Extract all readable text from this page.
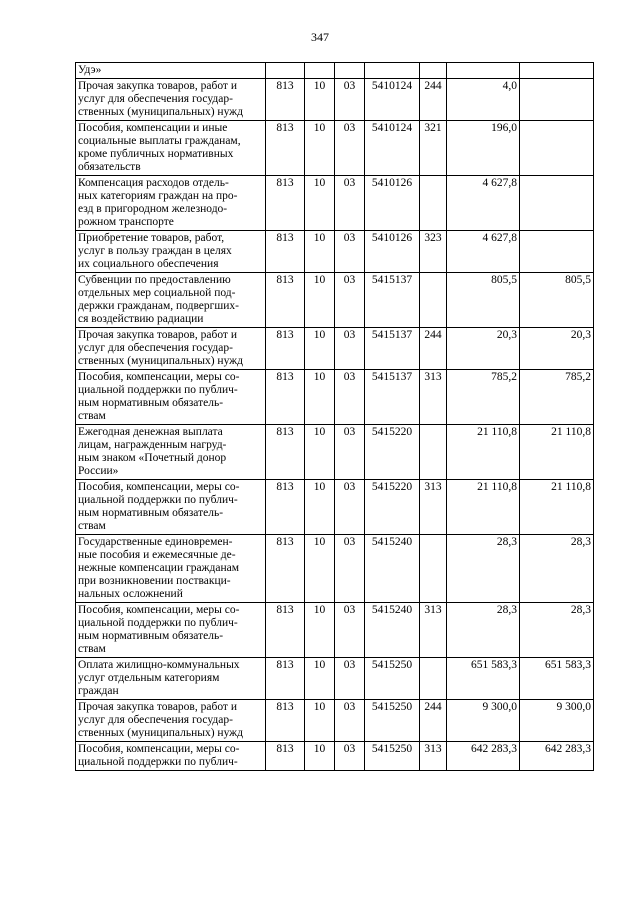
347
Удэ»							

Прочая закупка товаров, работ и
услуг для обеспечения государ-
ственных (муниципальных) нужд	813	10	03	5410124	244	4,0	

Пособия, компенсации и иные
социальные выплаты гражданам,
кроме публичных нормативных
обязательств	813	10	03	5410124	321	196,0	

Компенсация расходов отдель-
ных категориям граждан на про-
езд в пригородном железнодо-
рожном транспорте	813	10	03	5410126		4 627,8	

Приобретение товаров, работ,
услуг в пользу граждан в целях
их социального обеспечения	813	10	03	5410126	323	4 627,8	

Субвенции по предоставлению
отдельных мер социальной под-
держки гражданам, подвергших-
ся воздействию радиации	813	10	03	5415137		805,5	805,5

Прочая закупка товаров, работ и
услуг для обеспечения государ-
ственных (муниципальных) нужд	813	10	03	5415137	244	20,3	20,3

Пособия, компенсации, меры со-
циальной поддержки по публич-
ным нормативным обязатель-
ствам	813	10	03	5415137	313	785,2	785,2

Ежегодная денежная выплата
лицам, награжденным нагруд-
ным знаком «Почетный донор
России»	813	10	03	5415220		21 110,8	21 110,8

Пособия, компенсации, меры со-
циальной поддержки по публич-
ным нормативным обязатель-
ствам	813	10	03	5415220	313	21 110,8	21 110,8

Государственные единовремен-
ные пособия и ежемесячные де-
нежные компенсации гражданам
при возникновении поствакци-
нальных осложнений	813	10	03	5415240		28,3	28,3

Пособия, компенсации, меры со-
циальной поддержки по публич-
ным нормативным обязатель-
ствам	813	10	03	5415240	313	28,3	28,3

Оплата жилищно-коммунальных
услуг отдельным категориям
граждан	813	10	03	5415250		651 583,3	651 583,3

Прочая закупка товаров, работ и
услуг для обеспечения государ-
ственных (муниципальных) нужд	813	10	03	5415250	244	9 300,0	9 300,0

Пособия, компенсации, меры со-
циальной поддержки по публич-	813	10	03	5415250	313	642 283,3	642 283,3
